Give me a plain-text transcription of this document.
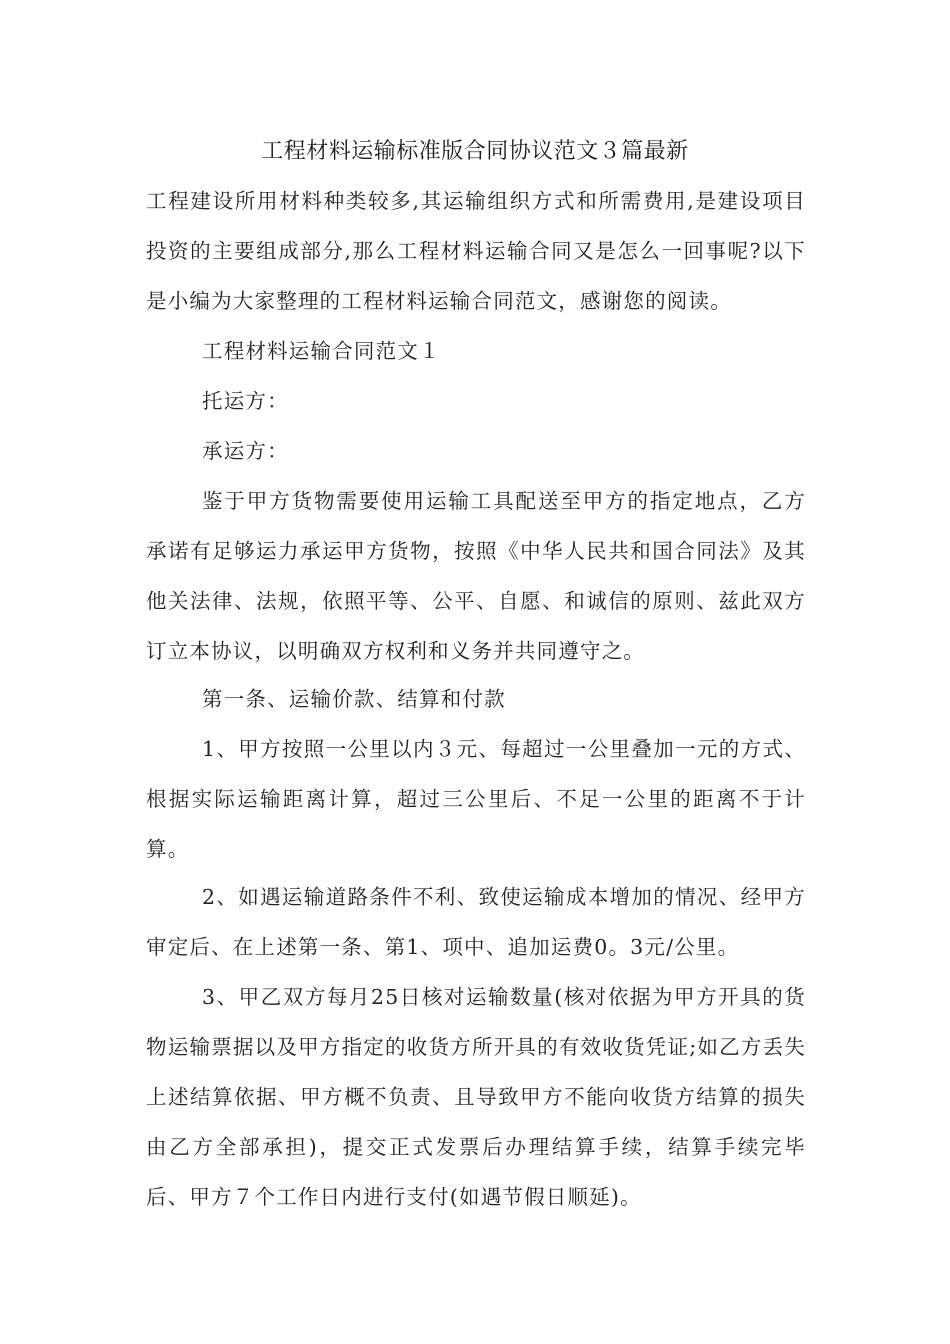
工程材料运输标准版合同协议范文３篇最新

工程建设所用材料种类较多,其运输组织方式和所需费用,是建设项目投资的主要组成部分,那么工程材料运输合同又是怎么一回事呢?以下是小编为大家整理的工程材料运输合同范文，感谢您的阅读。

工程材料运输合同范文１

托运方：

承运方：

鉴于甲方货物需要使用运输工具配送至甲方的指定地点，乙方承诺有足够运力承运甲方货物，按照《中华人民共和国合同法》及其他关法律、法规，依照平等、公平、自愿、和诚信的原则、兹此双方订立本协议，以明确双方权利和义务并共同遵守之。

第一条、运输价款、结算和付款

1、甲方按照一公里以内３元、每超过一公里叠加一元的方式、根据实际运输距离计算，超过三公里后、不足一公里的距离不于计算。

2、如遇运输道路条件不利、致使运输成本增加的情况、经甲方审定后、在上述第一条、第1、项中、追加运费0。3元/公里。

3、甲乙双方每月25日核对运输数量(核对依据为甲方开具的货物运输票据以及甲方指定的收货方所开具的有效收货凭证;如乙方丢失上述结算依据、甲方概不负责、且导致甲方不能向收货方结算的损失由乙方全部承担)，提交正式发票后办理结算手续，结算手续完毕后、甲方７个工作日内进行支付(如遇节假日顺延)。
